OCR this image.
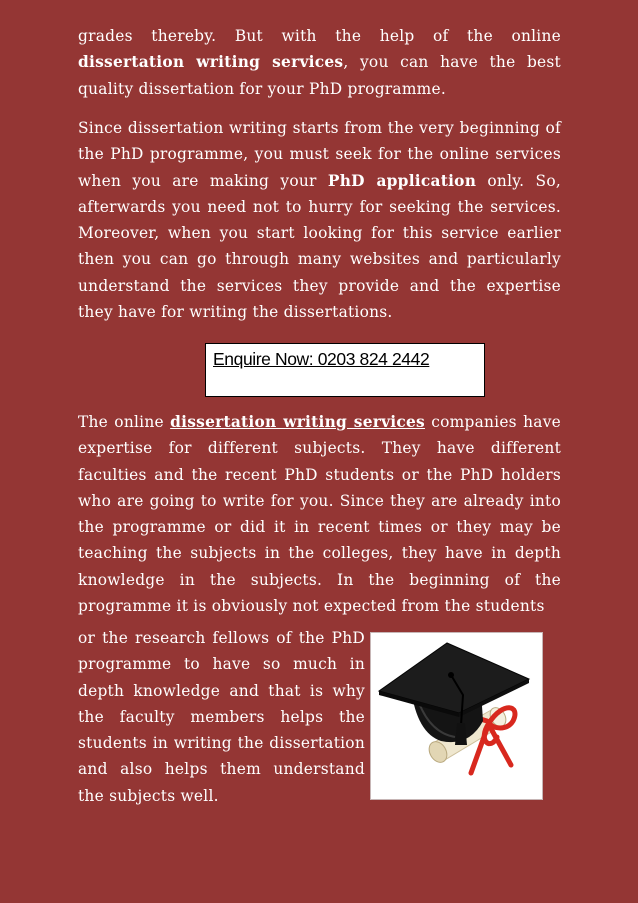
grades thereby. But with the help of the online dissertation writing services, you can have the best quality dissertation for your PhD programme.

Since dissertation writing starts from the very beginning of the PhD programme, you must seek for the online services when you are making your PhD application only. So, afterwards you need not to hurry for seeking the services. Moreover, when you start looking for this service earlier then you can go through many websites and particularly understand the services they provide and the expertise they have for writing the dissertations.

Enquire Now: 0203 824 2442

The online dissertation writing services companies have expertise for different subjects. They have different faculties and the recent PhD students or the PhD holders who are going to write for you. Since they are already into the programme or did it in recent times or they may be teaching the subjects in the colleges, they have in depth knowledge in the subjects. In the beginning of the programme it is obviously not expected from the students

or the research fellows of the PhD programme to have so much in depth knowledge and that is why the faculty members helps the students in writing the dissertation and also helps them understand the subjects well.
